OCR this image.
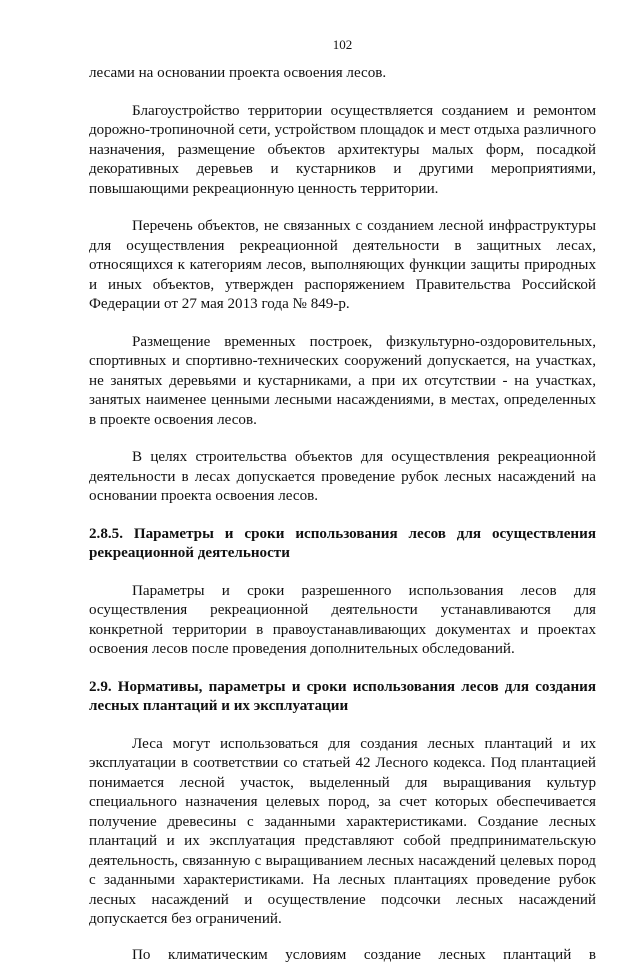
102

лесами на основании проекта освоения лесов.

Благоустройство территории осуществляется созданием и ремонтом дорожно-тропиночной сети, устройством площадок и мест отдыха различного назначения, размещение объектов архитектуры малых форм, посадкой декоративных деревьев и кустарников и другими мероприятиями, повышающими рекреационную ценность территории.

Перечень объектов, не связанных с созданием лесной инфраструктуры для осуществления рекреационной деятельности в защитных лесах, относящихся к категориям лесов, выполняющих функции защиты природных и иных объектов, утвержден распоряжением Правительства Российской Федерации от 27 мая 2013 года № 849-р.

Размещение временных построек, физкультурно-оздоровительных, спортивных и спортивно-технических сооружений допускается, на участках, не занятых деревьями и кустарниками, а при их отсутствии - на участках, занятых наименее ценными лесными насаждениями, в местах, определенных в проекте освоения лесов.

В целях строительства объектов для осуществления рекреационной деятельности в лесах допускается проведение рубок лесных насаждений на основании проекта освоения лесов.

2.8.5. Параметры и сроки использования лесов для осуществления рекреационной деятельности

Параметры и сроки разрешенного использования лесов для осуществления рекреационной деятельности устанавливаются для конкретной территории в правоустанавливающих документах и проектах освоения лесов после проведения дополнительных обследований.

2.9. Нормативы, параметры и сроки использования лесов для создания лесных плантаций и их эксплуатации

Леса могут использоваться для создания лесных плантаций и их эксплуатации в соответствии со статьей 42 Лесного кодекса. Под плантацией понимается лесной участок, выделенный для выращивания культур специального назначения целевых пород, за счет которых обеспечивается получение древесины с заданными характеристиками. Создание лесных плантаций и их эксплуатация представляют собой предпринимательскую деятельность, связанную с выращиванием лесных насаждений целевых пород с заданными характеристиками. На лесных плантациях проведение рубок лесных насаждений и осуществление подсочки лесных насаждений допускается без ограничений.

По климатическим условиям создание лесных плантаций в
